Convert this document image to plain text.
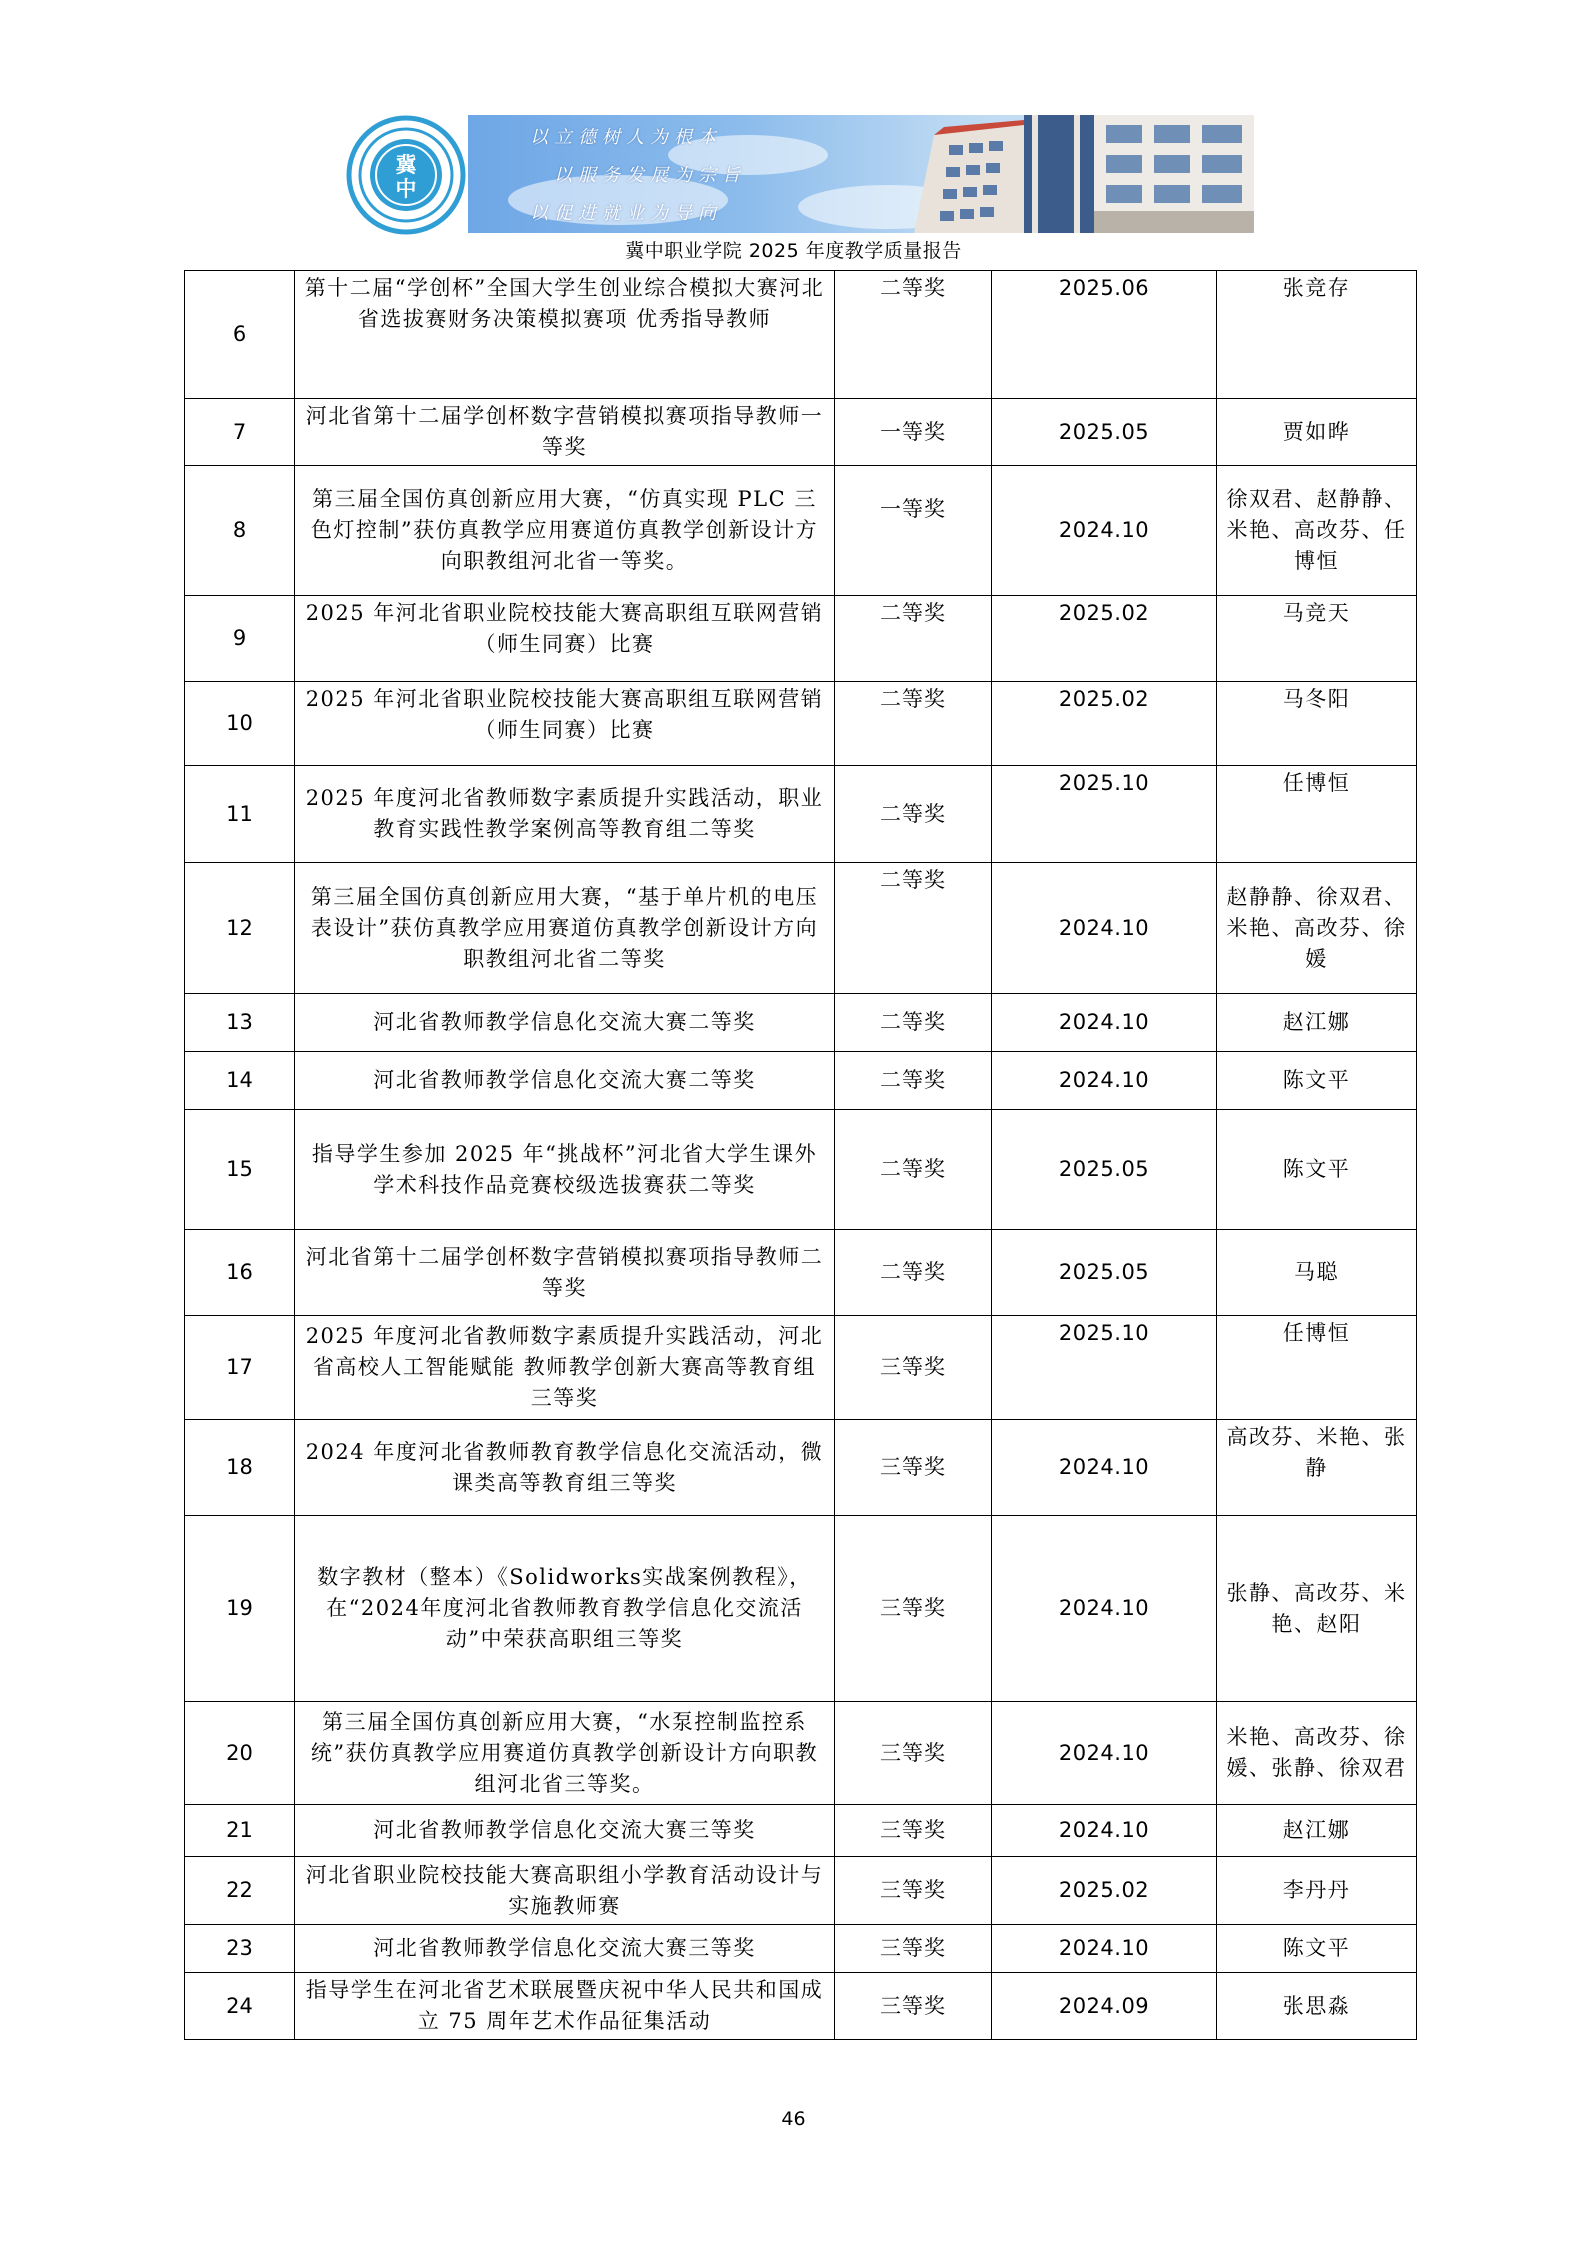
冀
中
以立德树人为根本
以服务发展为宗旨
以促进就业为导向
冀中职业学院 2025 年度教学质量报告
6	第十二届“学创杯”全国大学生创业综合模拟大赛河北省选拔赛财务决策模拟赛项 优秀指导教师	二等奖	2025.06	张竞存
7	河北省第十二届学创杯数字营销模拟赛项指导教师一等奖	一等奖	2025.05	贾如晔
8	第三届全国仿真创新应用大赛，“仿真实现 PLC 三色灯控制”获仿真教学应用赛道仿真教学创新设计方向职教组河北省一等奖。	一等奖	2024.10	徐双君、赵静静、米艳、高改芬、任博恒
9	2025 年河北省职业院校技能大赛高职组互联网营销（师生同赛）比赛	二等奖	2025.02	马竞天
10	2025 年河北省职业院校技能大赛高职组互联网营销（师生同赛）比赛	二等奖	2025.02	马冬阳
11	2025 年度河北省教师数字素质提升实践活动，职业教育实践性教学案例高等教育组二等奖	二等奖	2025.10	任博恒
12	第三届全国仿真创新应用大赛，“基于单片机的电压表设计”获仿真教学应用赛道仿真教学创新设计方向职教组河北省二等奖	二等奖	2024.10	赵静静、徐双君、米艳、高改芬、徐媛
13	河北省教师教学信息化交流大赛二等奖	二等奖	2024.10	赵江娜
14	河北省教师教学信息化交流大赛二等奖	二等奖	2024.10	陈文平
15	指导学生参加 2025 年“挑战杯”河北省大学生课外学术科技作品竞赛校级选拔赛获二等奖	二等奖	2025.05	陈文平
16	河北省第十二届学创杯数字营销模拟赛项指导教师二等奖	二等奖	2025.05	马聪
17	2025 年度河北省教师数字素质提升实践活动，河北省高校人工智能赋能 教师教学创新大赛高等教育组三等奖	三等奖	2025.10	任博恒
18	2024 年度河北省教师教育教学信息化交流活动，微课类高等教育组三等奖	三等奖	2024.10	高改芬、米艳、张静
19	数字教材（整本）《Solidworks实战案例教程》，在“2024年度河北省教师教育教学信息化交流活动”中荣获高职组三等奖	三等奖	2024.10	张静、高改芬、米艳、赵阳
20	第三届全国仿真创新应用大赛，“水泵控制监控系统”获仿真教学应用赛道仿真教学创新设计方向职教组河北省三等奖。	三等奖	2024.10	米艳、高改芬、徐媛、张静、徐双君
21	河北省教师教学信息化交流大赛三等奖	三等奖	2024.10	赵江娜
22	河北省职业院校技能大赛高职组小学教育活动设计与实施教师赛	三等奖	2025.02	李丹丹
23	河北省教师教学信息化交流大赛三等奖	三等奖	2024.10	陈文平
24	指导学生在河北省艺术联展暨庆祝中华人民共和国成立 75 周年艺术作品征集活动	三等奖	2024.09	张思淼
46
